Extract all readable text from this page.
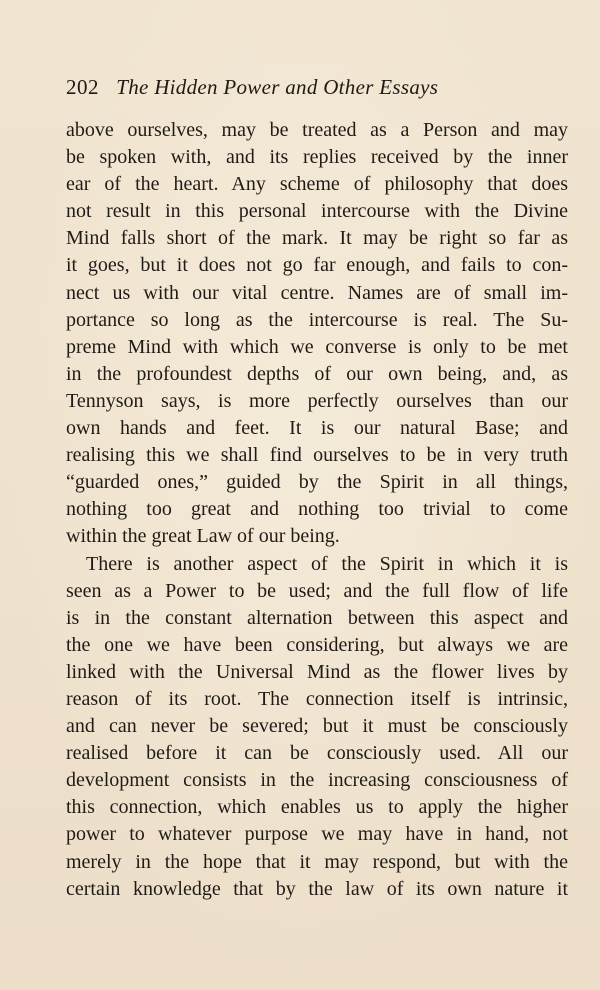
202 The Hidden Power and Other Essays
above ourselves, may be treated as a Person and may
be spoken with, and its replies received by the inner
ear of the heart. Any scheme of philosophy that does
not result in this personal intercourse with the Divine
Mind falls short of the mark. It may be right so far as
it goes, but it does not go far enough, and fails to con-
nect us with our vital centre. Names are of small im-
portance so long as the intercourse is real. The Su-
preme Mind with which we converse is only to be met
in the profoundest depths of our own being, and, as
Tennyson says, is more perfectly ourselves than our
own hands and feet. It is our natural Base; and
realising this we shall find ourselves to be in very truth
“guarded ones,” guided by the Spirit in all things,
nothing too great and nothing too trivial to come
within the great Law of our being.
There is another aspect of the Spirit in which it is
seen as a Power to be used; and the full flow of life
is in the constant alternation between this aspect and
the one we have been considering, but always we are
linked with the Universal Mind as the flower lives by
reason of its root. The connection itself is intrinsic,
and can never be severed; but it must be consciously
realised before it can be consciously used. All our
development consists in the increasing consciousness of
this connection, which enables us to apply the higher
power to whatever purpose we may have in hand, not
merely in the hope that it may respond, but with the
certain knowledge that by the law of its own nature it
